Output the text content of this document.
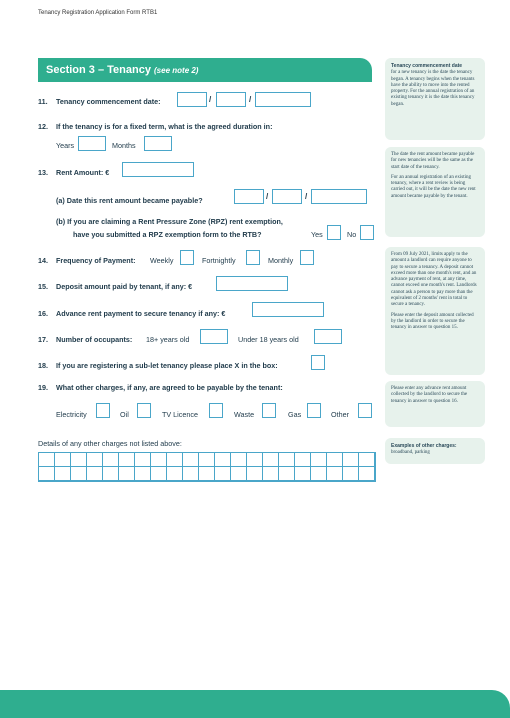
Tenancy Registration Application Form RTB1
Section 3 – Tenancy (see note 2)
11. Tenancy commencement date:	/	/
12. If the tenancy is for a fixed term, what is the agreed duration in:
Years	Months
13. Rent Amount: €
(a) Date this rent amount became payable?	/	/
(b) If you are claiming a Rent Pressure Zone (RPZ) rent exemption,
have you submitted a RPZ exemption form to the RTB?	Yes	No
14. Frequency of Payment: Weekly	Fortnightly	Monthly
15. Deposit amount paid by tenant, if any: €
16. Advance rent payment to secure tenancy if any: €
17. Number of occupants: 18+ years old	Under 18 years old
18. If you are registering a sub-let tenancy please place X in the box:
19. What other charges, if any, are agreed to be payable by the tenant:
Electricity	Oil	TV Licence	Waste	Gas	Other
Details of any other charges not listed above:
Tenancy commencement date
for a new tenancy is the date the tenancy began. A tenancy begins when the tenants have the ability to move into the rented property. For the annual registration of an existing tenancy it is the date this tenancy began.

The date the rent amount became payable for new tenancies will be the same as the start date of the tenancy.

For an annual registration of an existing tenancy, where a rent review is being carried out, it will be the date the new rent amount became payable by the tenant.

From 09 July 2021, limits apply to the amount a landlord can require anyone to pay to secure a tenancy. A deposit cannot exceed more than one month's rent, and an advance payment of rent, at any time, cannot exceed one month's rent. Landlords cannot ask a person to pay more than the equivalent of 2 months' rent in total to secure a tenancy.

Please enter the deposit amount collected by the landlord in order to secure the tenancy in answer to question 15.

Please enter any advance rent amount collected by the landlord to secure the tenancy in answer to question 16.
Examples of other charges:
broadband, parking
